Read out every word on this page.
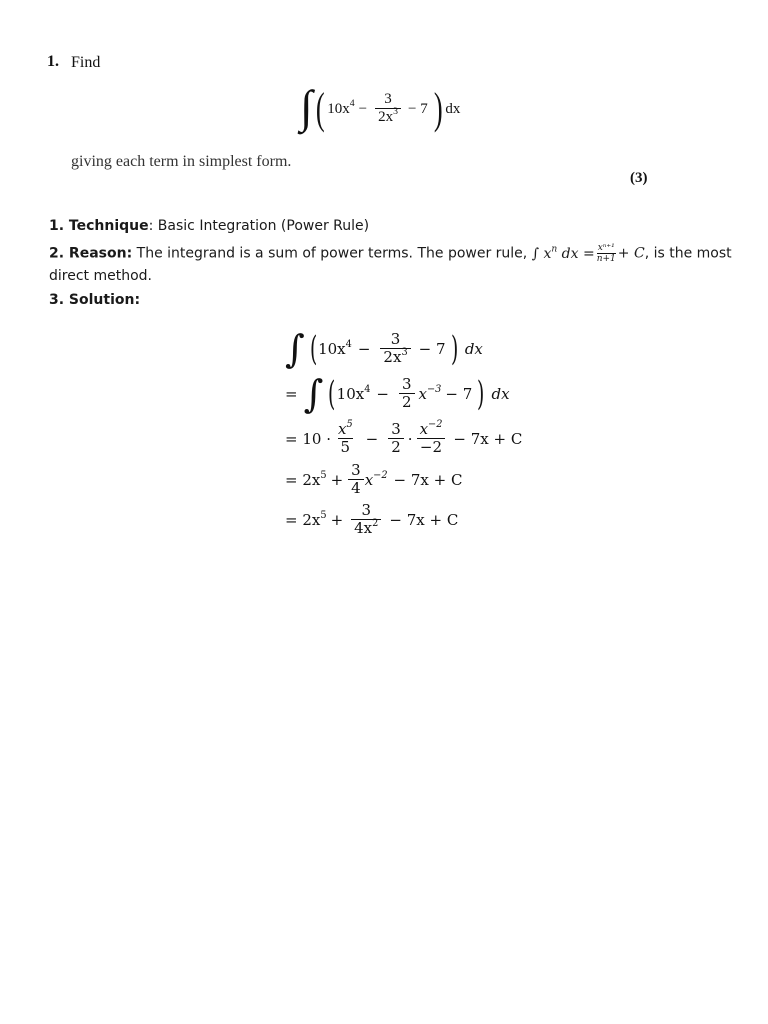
1. Find
∫ ( $10x^4 - \frac{3}{2x^3} - 7$ ) dx
giving each term in simplest form.
(3)
1. Technique: Basic Integration (Power Rule)
2. Reason: The integrand is a sum of power terms. The power rule, ∫ $x^n$ dx = $\frac{\text{xⁿ⁺¹}}{n+1} + C$, is the most
direct method.
3. Solution:
∫ ( $10x^4 - \frac{3}{2x^3} - 7$ ) dx
= ∫ ( $10x^4 - \frac{3}{2} x^{-3} - 7$ ) dx
= $10 \cdot \frac{x^5}{5} - \frac{3}{2} \cdot \frac{x^{-2}}{-2} - 7x + C$
= $2x^5 + \frac{3}{4} x^{-2} - 7x + C$
= $2x^5 + \frac{3}{4x^2} - 7x + C$
